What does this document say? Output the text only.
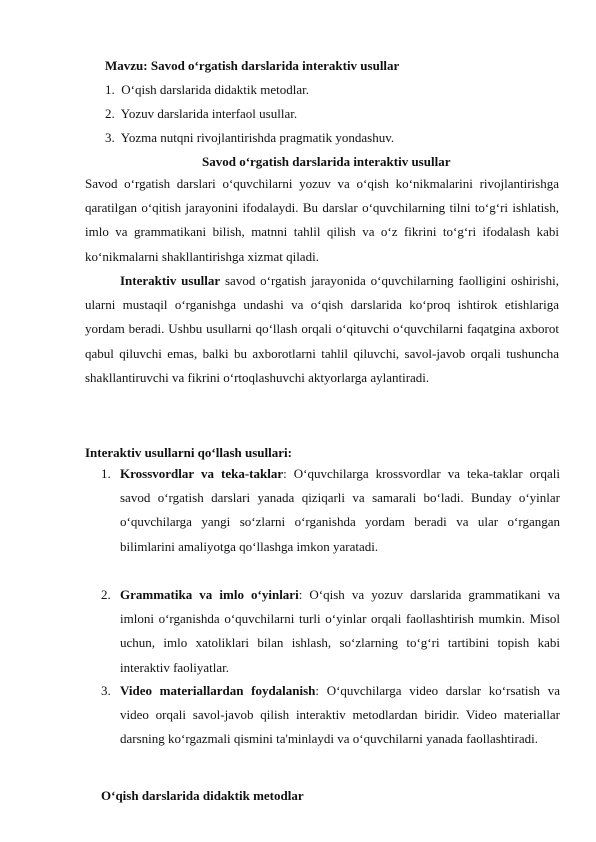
Mavzu: Savod o‘rgatish darslarida interaktiv usullar
1.  O‘qish darslarida didaktik metodlar.
2.  Yozuv darslarida interfaol usullar.
3.  Yozma nutqni rivojlantirishda pragmatik yondashuv.
Savod o‘rgatish darslarida interaktiv usullar
Savod o‘rgatish darslari o‘quvchilarni yozuv va o‘qish ko‘nikmalarini rivojlantirishga qaratilgan o‘qitish jarayonini ifodalaydi. Bu darslar o‘quvchilarning tilni to‘g‘ri ishlatish, imlo va grammatikani bilish, matnni tahlil qilish va o‘z fikrini to‘g‘ri ifodalash kabi ko‘nikmalarni shakllantirishga xizmat qiladi.
Interaktiv usullar savod o‘rgatish jarayonida o‘quvchilarning faolligini oshirishi, ularni mustaqil o‘rganishga undashi va o‘qish darslarida ko‘proq ishtirok etishlariga yordam beradi. Ushbu usullarni qo‘llash orqali o‘qituvchi o‘quvchilarni faqatgina axborot qabul qiluvchi emas, balki bu axborotlarni tahlil qiluvchi, savol-javob orqali tushuncha shakllantiruvchi va fikrini o‘rtoqlashuvchi aktyorlarga aylantiradi.
Interaktiv usullarni qo‘llash usullari:
1. Krossvordlar va teka-taklar: O‘quvchilarga krossvordlar va teka-taklar orqali savod o‘rgatish darslari yanada qiziqarli va samarali bo‘ladi. Bunday o‘yinlar o‘quvchilarga yangi so‘zlarni o‘rganishda yordam beradi va ular o‘rgangan bilimlarini amaliyotga qo‘llashga imkon yaratadi.
2. Grammatika va imlo o‘yinlari: O‘qish va yozuv darslarida grammatikani va imloni o‘rganishda o‘quvchilarni turli o‘yinlar orqali faollashtirish mumkin. Misol uchun, imlo xatoliklari bilan ishlash, so‘zlarning to‘g‘ri tartibini topish kabi interaktiv faoliyatlar.
3. Video materiallardan foydalanish: O‘quvchilarga video darslar ko‘rsatish va video orqali savol-javob qilish interaktiv metodlardan biridir. Video materiallar darsning ko‘rgazmali qismini ta'minlaydi va o‘quvchilarni yanada faollashtiradi.
O‘qish darslarida didaktik metodlar
